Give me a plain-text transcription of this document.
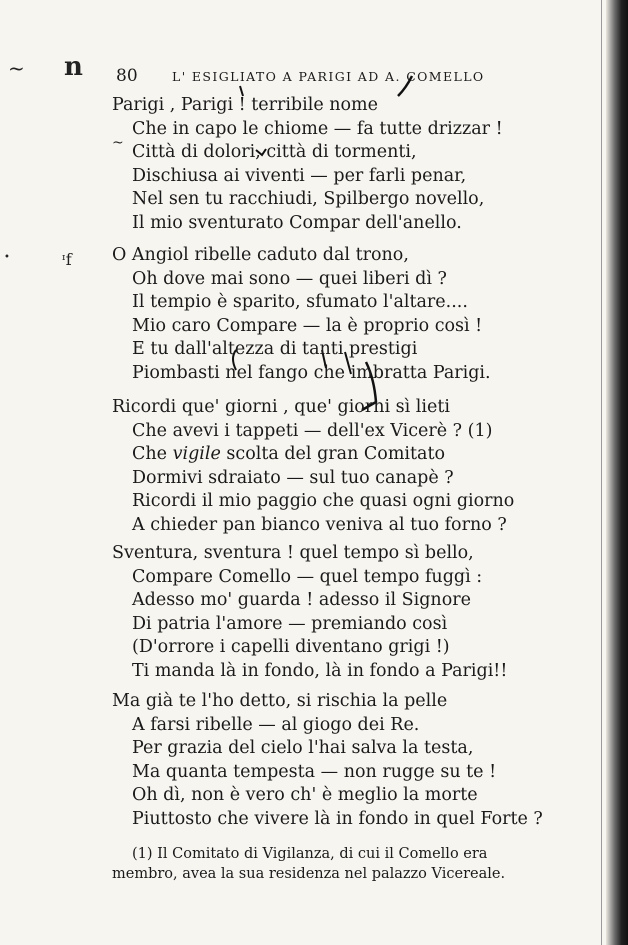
~ n
~
•	ᶦf
80	L' ESIGLIATO A PARIGI AD A. COMELLO
Parigi , Parigi ! terribile nome
Che in capo le chiome — fa tutte drizzar !
Città di dolori, città di tormenti,
Dischiusa ai viventi — per farli penar,
Nel sen tu racchiudi, Spilbergo novello,
Il mio sventurato Compar dell'anello.
O Angiol ribelle caduto dal trono,
Oh dove mai sono — quei liberi dì ?
Il tempio è sparito, sfumato l'altare....
Mio caro Compare — la è proprio così !
E tu dall'altezza di tanti prestigi
Piombasti nel fango che imbratta Parigi.
Ricordi que' giorni , que' giorni sì lieti
Che avevi i tappeti — dell'ex Vicerè ? (1)
Che vigile scolta del gran Comitato
Dormivi sdraiato — sul tuo canapè ?
Ricordi il mio paggio che quasi ogni giorno
A chieder pan bianco veniva al tuo forno ?
Sventura, sventura ! quel tempo sì bello,
Compare Comello — quel tempo fuggì :
Adesso mo' guarda ! adesso il Signore
Di patria l'amore — premiando così
(D'orrore i capelli diventano grigi !)
Ti manda là in fondo, là in fondo a Parigi!!
Ma già te l'ho detto, si rischia la pelle
A farsi ribelle — al giogo dei Re.
Per grazia del cielo l'hai salva la testa,
Ma quanta tempesta — non rugge su te !
Oh dì, non è vero ch' è meglio la morte
Piuttosto che vivere là in fondo in quel Forte ?
(1) Il Comitato di Vigilanza, di cui il Comello era
membro, avea la sua residenza nel palazzo Vicereale.
